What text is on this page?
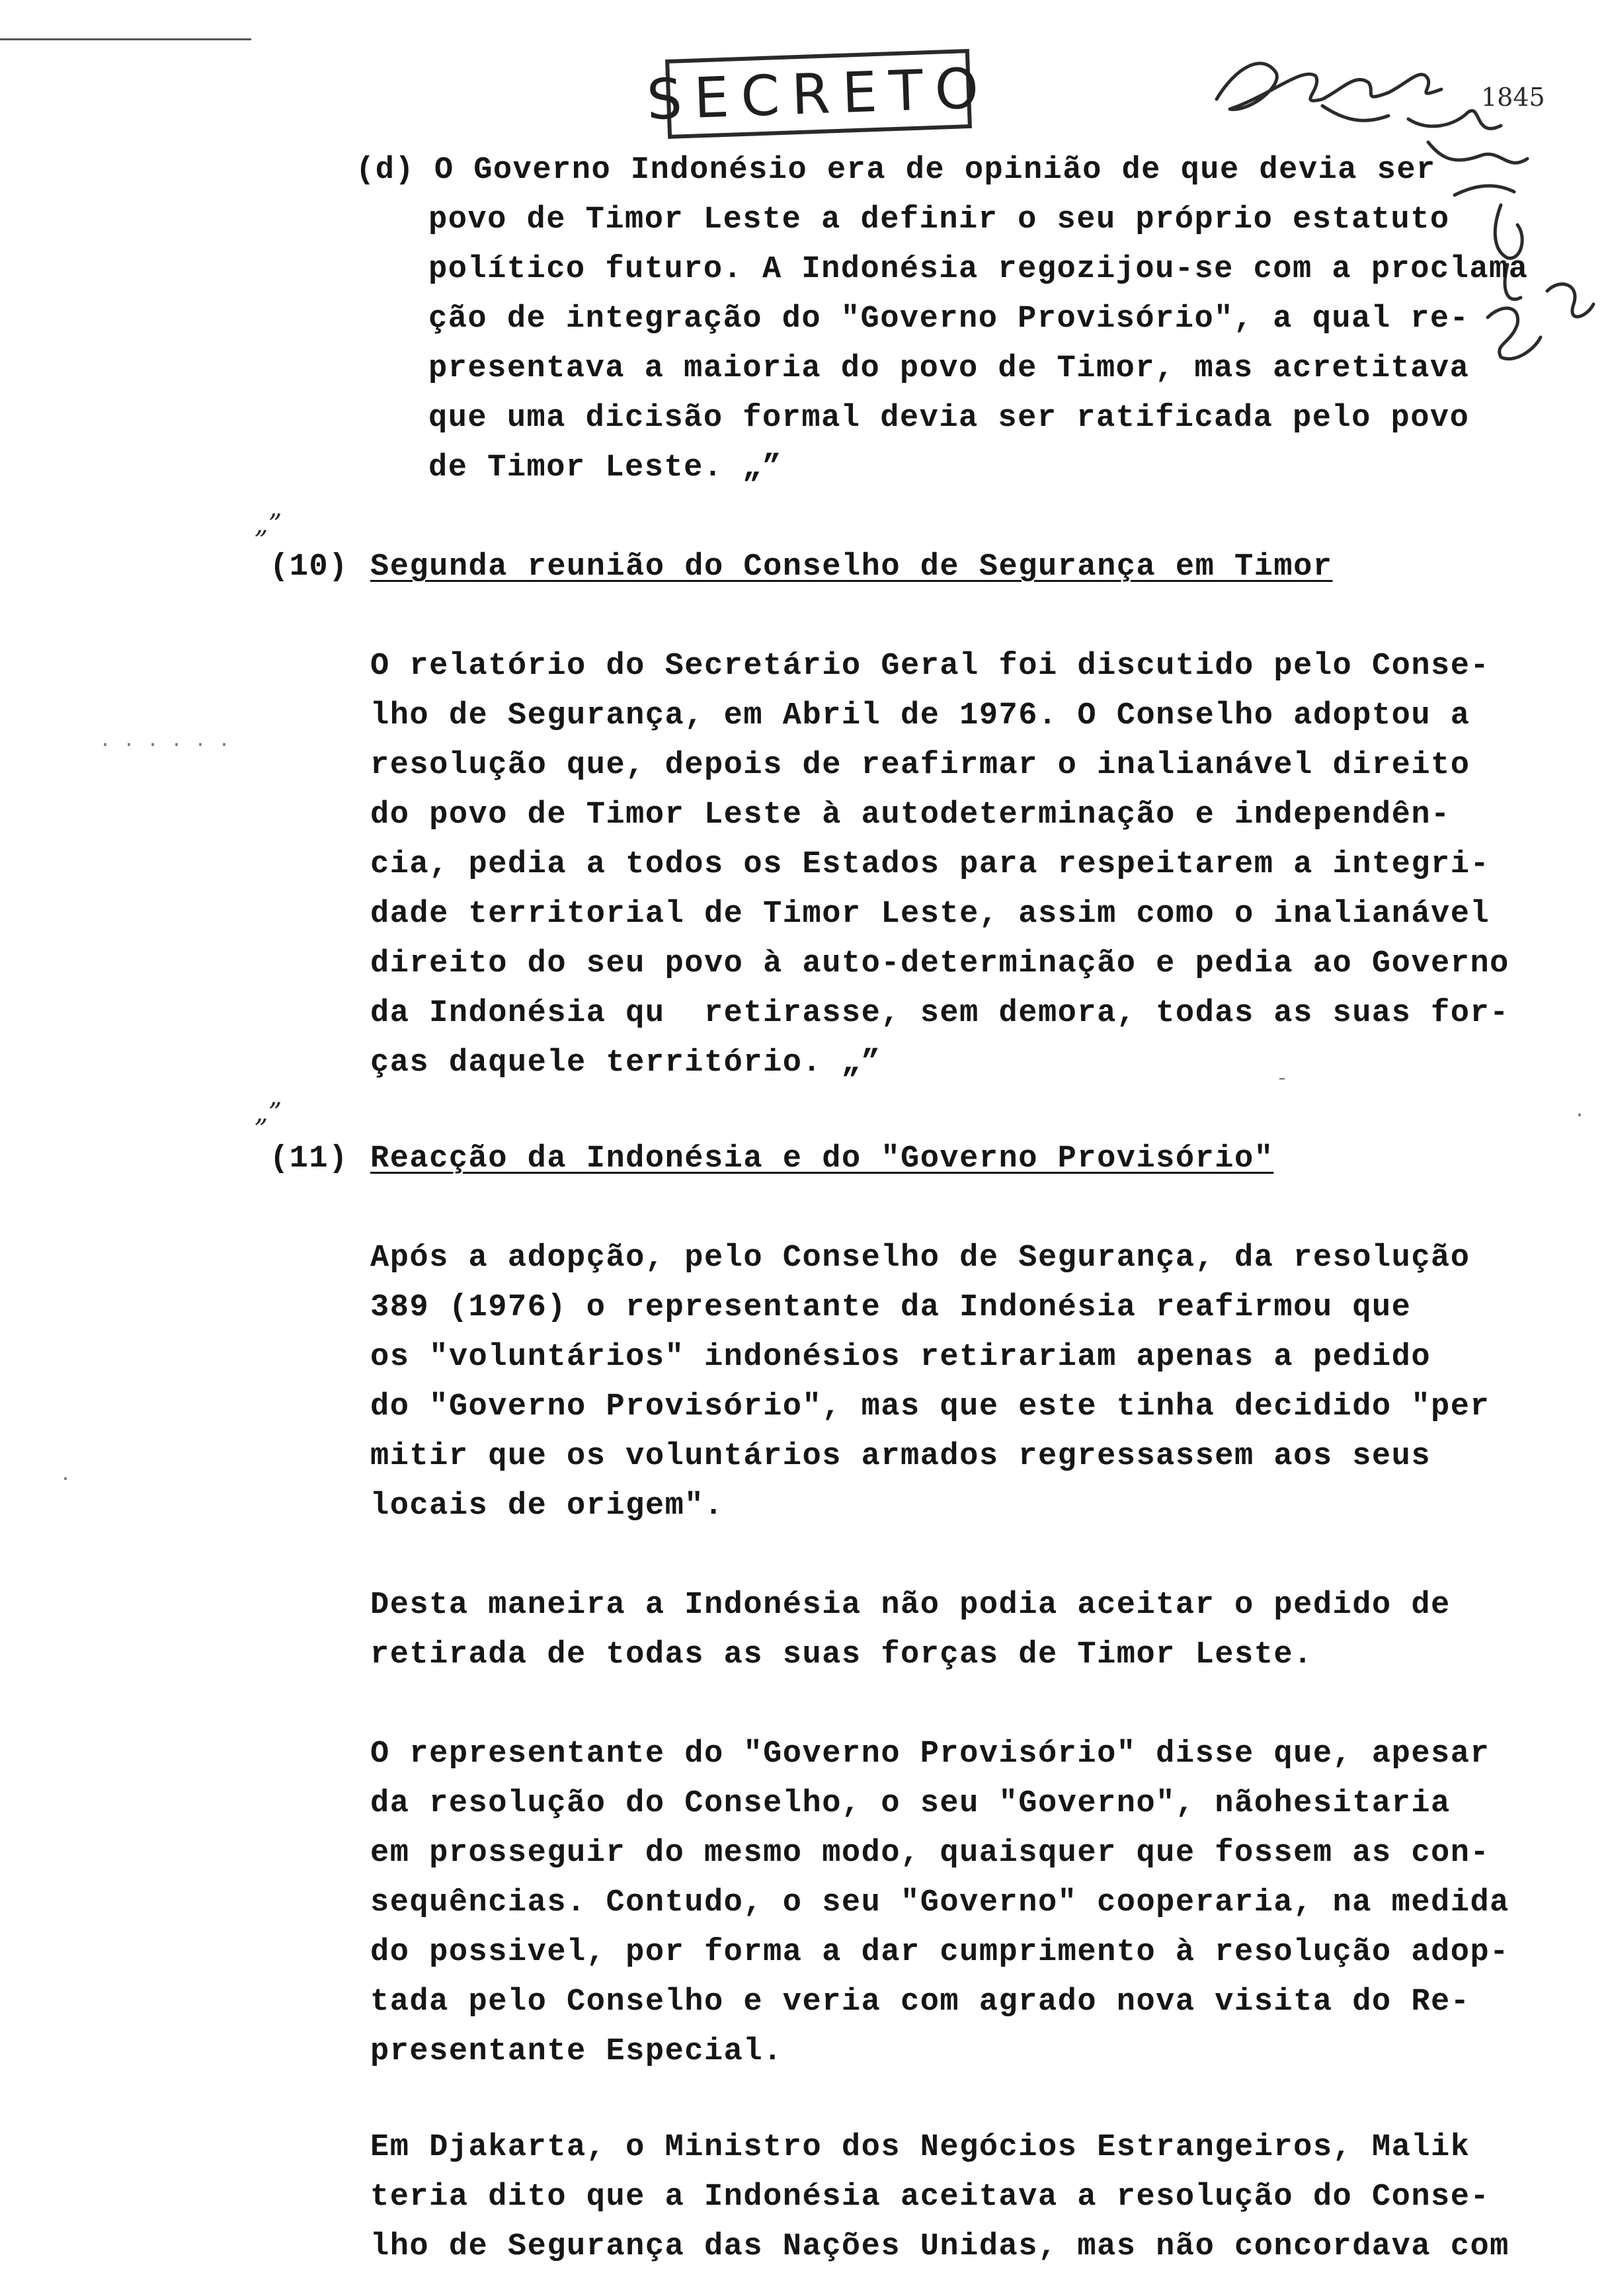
SECRETO	1845
(d) O Governo Indonésio era de opinião de que devia ser
povo de Timor Leste a definir o seu próprio estatuto
político futuro. A Indonésia regozijou-se com a proclama
ção de integração do "Governo Provisório", a qual re-
presentava a maioria do povo de Timor, mas acretitava
que uma dicisão formal devia ser ratificada pelo povo
de Timor Leste. „”
„”
(10) Segunda reunião do Conselho de Segurança em Timor
O relatório do Secretário Geral foi discutido pelo Conse-
lho de Segurança, em Abril de 1976. O Conselho adoptou a
resolução que, depois de reafirmar o inalianável direito
do povo de Timor Leste à autodeterminação e independên-
cia, pedia a todos os Estados para respeitarem a integri-
dade territorial de Timor Leste, assim como o inalianável
direito do seu povo à auto-determinação e pedia ao Governo
da Indonésia qu  retirasse, sem demora, todas as suas for-
ças daquele território. „”
„”
(11) Reacção da Indonésia e do "Governo Provisório"
Após a adopção, pelo Conselho de Segurança, da resolução
389 (1976) o representante da Indonésia reafirmou que
os "voluntários" indonésios retirariam apenas a pedido
do "Governo Provisório", mas que este tinha decidido "per
mitir que os voluntários armados regressassem aos seus
locais de origem".
Desta maneira a Indonésia não podia aceitar o pedido de
retirada de todas as suas forças de Timor Leste.
O representante do "Governo Provisório" disse que, apesar
da resolução do Conselho, o seu "Governo", nãohesitaria
em prosseguir do mesmo modo, quaisquer que fossem as con-
sequências. Contudo, o seu "Governo" cooperaria, na medida
do possivel, por forma a dar cumprimento à resolução adop-
tada pelo Conselho e veria com agrado nova visita do Re-
presentante Especial.
Em Djakarta, o Ministro dos Negócios Estrangeiros, Malik
teria dito que a Indonésia aceitava a resolução do Conse-
lho de Segurança das Nações Unidas, mas não concordava com
· · · · · ·
·
·
-
